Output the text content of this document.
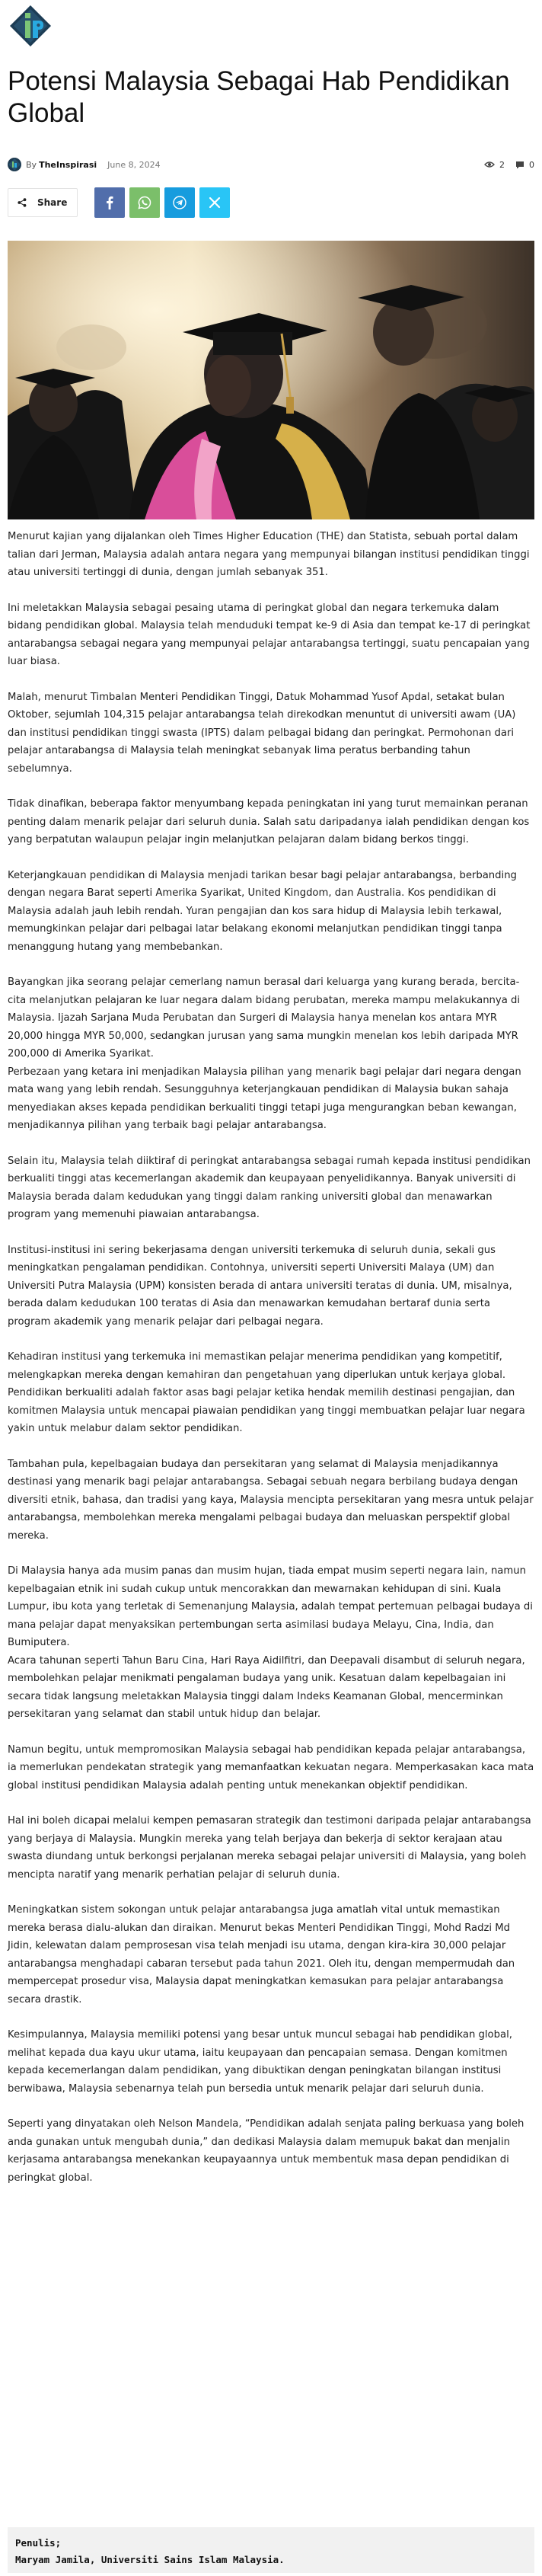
Potensi Malaysia Sebagai Hab Pendidikan Global
By TheInspirasi June 8, 2024	2	0
Share

Menurut kajian yang dijalankan oleh Times Higher Education (THE) dan Statista, sebuah portal dalam talian dari Jerman, Malaysia adalah antara negara yang mempunyai bilangan institusi pendidikan tinggi atau universiti tertinggi di dunia, dengan jumlah sebanyak 351.

Ini meletakkan Malaysia sebagai pesaing utama di peringkat global dan negara terkemuka dalam bidang pendidikan global. Malaysia telah menduduki tempat ke-9 di Asia dan tempat ke-17 di peringkat antarabangsa sebagai negara yang mempunyai pelajar antarabangsa tertinggi, suatu pencapaian yang luar biasa.

Malah, menurut Timbalan Menteri Pendidikan Tinggi, Datuk Mohammad Yusof Apdal, setakat bulan Oktober, sejumlah 104,315 pelajar antarabangsa telah direkodkan menuntut di universiti awam (UA) dan institusi pendidikan tinggi swasta (IPTS) dalam pelbagai bidang dan peringkat. Permohonan dari pelajar antarabangsa di Malaysia telah meningkat sebanyak lima peratus berbanding tahun sebelumnya.

Tidak dinafikan, beberapa faktor menyumbang kepada peningkatan ini yang turut memainkan peranan penting dalam menarik pelajar dari seluruh dunia. Salah satu daripadanya ialah pendidikan dengan kos yang berpatutan walaupun pelajar ingin melanjutkan pelajaran dalam bidang berkos tinggi.

Keterjangkauan pendidikan di Malaysia menjadi tarikan besar bagi pelajar antarabangsa, berbanding dengan negara Barat seperti Amerika Syarikat, United Kingdom, dan Australia. Kos pendidikan di Malaysia adalah jauh lebih rendah. Yuran pengajian dan kos sara hidup di Malaysia lebih terkawal, memungkinkan pelajar dari pelbagai latar belakang ekonomi melanjutkan pendidikan tinggi tanpa menanggung hutang yang membebankan.

Bayangkan jika seorang pelajar cemerlang namun berasal dari keluarga yang kurang berada, bercita-cita melanjutkan pelajaran ke luar negara dalam bidang perubatan, mereka mampu melakukannya di Malaysia. Ijazah Sarjana Muda Perubatan dan Surgeri di Malaysia hanya menelan kos antara MYR 20,000 hingga MYR 50,000, sedangkan jurusan yang sama mungkin menelan kos lebih daripada MYR 200,000 di Amerika Syarikat.

Perbezaan yang ketara ini menjadikan Malaysia pilihan yang menarik bagi pelajar dari negara dengan mata wang yang lebih rendah. Sesungguhnya keterjangkauan pendidikan di Malaysia bukan sahaja menyediakan akses kepada pendidikan berkualiti tinggi tetapi juga mengurangkan beban kewangan, menjadikannya pilihan yang terbaik bagi pelajar antarabangsa.

Selain itu, Malaysia telah diiktiraf di peringkat antarabangsa sebagai rumah kepada institusi pendidikan berkualiti tinggi atas kecemerlangan akademik dan keupayaan penyelidikannya. Banyak universiti di Malaysia berada dalam kedudukan yang tinggi dalam ranking universiti global dan menawarkan program yang memenuhi piawaian antarabangsa.

Institusi-institusi ini sering bekerjasama dengan universiti terkemuka di seluruh dunia, sekali gus meningkatkan pengalaman pendidikan. Contohnya, universiti seperti Universiti Malaya (UM) dan Universiti Putra Malaysia (UPM) konsisten berada di antara universiti teratas di dunia. UM, misalnya, berada dalam kedudukan 100 teratas di Asia dan menawarkan kemudahan bertaraf dunia serta program akademik yang menarik pelajar dari pelbagai negara.

Kehadiran institusi yang terkemuka ini memastikan pelajar menerima pendidikan yang kompetitif, melengkapkan mereka dengan kemahiran dan pengetahuan yang diperlukan untuk kerjaya global. Pendidikan berkualiti adalah faktor asas bagi pelajar ketika hendak memilih destinasi pengajian, dan komitmen Malaysia untuk mencapai piawaian pendidikan yang tinggi membuatkan pelajar luar negara yakin untuk melabur dalam sektor pendidikan.

Tambahan pula, kepelbagaian budaya dan persekitaran yang selamat di Malaysia menjadikannya destinasi yang menarik bagi pelajar antarabangsa. Sebagai sebuah negara berbilang budaya dengan diversiti etnik, bahasa, dan tradisi yang kaya, Malaysia mencipta persekitaran yang mesra untuk pelajar antarabangsa, membolehkan mereka mengalami pelbagai budaya dan meluaskan perspektif global mereka.

Di Malaysia hanya ada musim panas dan musim hujan, tiada empat musim seperti negara lain, namun kepelbagaian etnik ini sudah cukup untuk mencorakkan dan mewarnakan kehidupan di sini. Kuala Lumpur, ibu kota yang terletak di Semenanjung Malaysia, adalah tempat pertemuan pelbagai budaya di mana pelajar dapat menyaksikan pertembungan serta asimilasi budaya Melayu, Cina, India, dan Bumiputera.

Acara tahunan seperti Tahun Baru Cina, Hari Raya Aidilfitri, dan Deepavali disambut di seluruh negara, membolehkan pelajar menikmati pengalaman budaya yang unik. Kesatuan dalam kepelbagaian ini secara tidak langsung meletakkan Malaysia tinggi dalam Indeks Keamanan Global, mencerminkan persekitaran yang selamat dan stabil untuk hidup dan belajar.

Namun begitu, untuk mempromosikan Malaysia sebagai hab pendidikan kepada pelajar antarabangsa, ia memerlukan pendekatan strategik yang memanfaatkan kekuatan negara. Memperkasakan kaca mata global institusi pendidikan Malaysia adalah penting untuk menekankan objektif pendidikan.

Hal ini boleh dicapai melalui kempen pemasaran strategik dan testimoni daripada pelajar antarabangsa yang berjaya di Malaysia. Mungkin mereka yang telah berjaya dan bekerja di sektor kerajaan atau swasta diundang untuk berkongsi perjalanan mereka sebagai pelajar universiti di Malaysia, yang boleh mencipta naratif yang menarik perhatian pelajar di seluruh dunia.

Meningkatkan sistem sokongan untuk pelajar antarabangsa juga amatlah vital untuk memastikan mereka berasa dialu-alukan dan diraikan. Menurut bekas Menteri Pendidikan Tinggi, Mohd Radzi Md Jidin, kelewatan dalam pemprosesan visa telah menjadi isu utama, dengan kira-kira 30,000 pelajar antarabangsa menghadapi cabaran tersebut pada tahun 2021. Oleh itu, dengan mempermudah dan mempercepat prosedur visa, Malaysia dapat meningkatkan kemasukan para pelajar antarabangsa secara drastik.

Kesimpulannya, Malaysia memiliki potensi yang besar untuk muncul sebagai hab pendidikan global, melihat kepada dua kayu ukur utama, iaitu keupayaan dan pencapaian semasa. Dengan komitmen kepada kecemerlangan dalam pendidikan, yang dibuktikan dengan peningkatan bilangan institusi berwibawa, Malaysia sebenarnya telah pun bersedia untuk menarik pelajar dari seluruh dunia.

Seperti yang dinyatakan oleh Nelson Mandela, “Pendidikan adalah senjata paling berkuasa yang boleh anda gunakan untuk mengubah dunia,” dan dedikasi Malaysia dalam memupuk bakat dan menjalin kerjasama antarabangsa menekankan keupayaannya untuk membentuk masa depan pendidikan di peringkat global.

Penulis;
Maryam Jamila, Universiti Sains Islam Malaysia.
